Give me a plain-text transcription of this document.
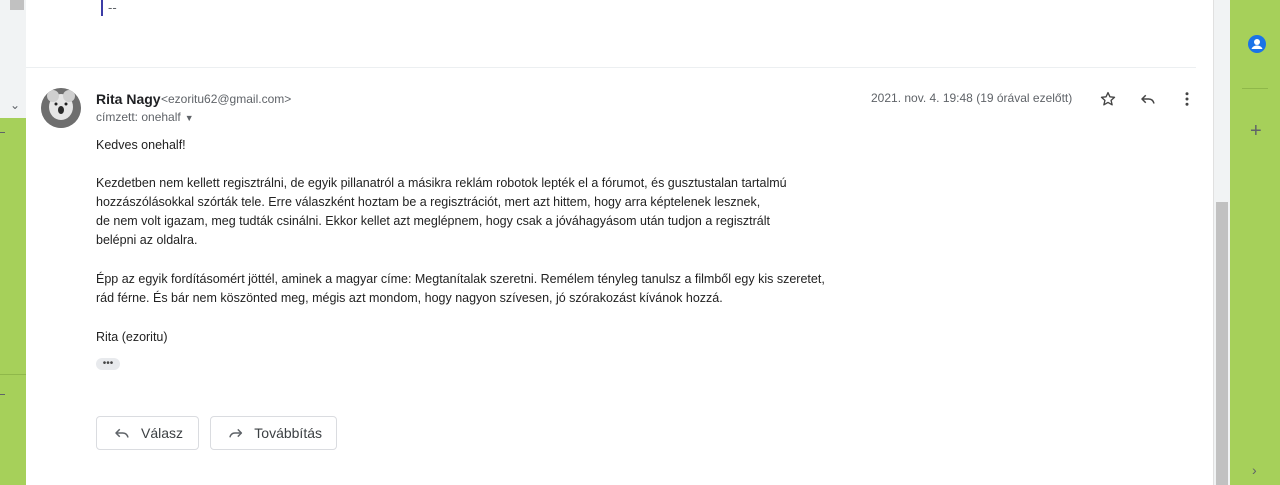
⌄
--
Rita Nagy <ezoritu62@gmail.com>
címzett: onehalf ▼
2021. nov. 4. 19:48 (19 órával ezelőtt)
Kedves onehalf!
Kezdetben nem kellett regisztrálni, de egyik pillanatról a másikra reklám robotok lepték el a fórumot, és gusztustalan tartalmú
hozzászólásokkal szórták tele. Erre válaszként hoztam be a regisztrációt, mert azt hittem, hogy arra képtelenek lesznek,
de nem volt igazam, meg tudták csinálni. Ekkor kellet azt meglépnem, hogy csak a jóváhagyásom után tudjon a regisztrált
belépni az oldalra.
Épp az egyik fordításomért jöttél, aminek a magyar címe: Megtanítalak szeretni. Remélem tényleg tanulsz a filmből egy kis szeretet,
rád férne. És bár nem köszönted meg, mégis azt mondom, hogy nagyon szívesen, jó szórakozást kívánok hozzá.
Rita (ezoritu)
•••
Válasz	Továbbítás
+
›
